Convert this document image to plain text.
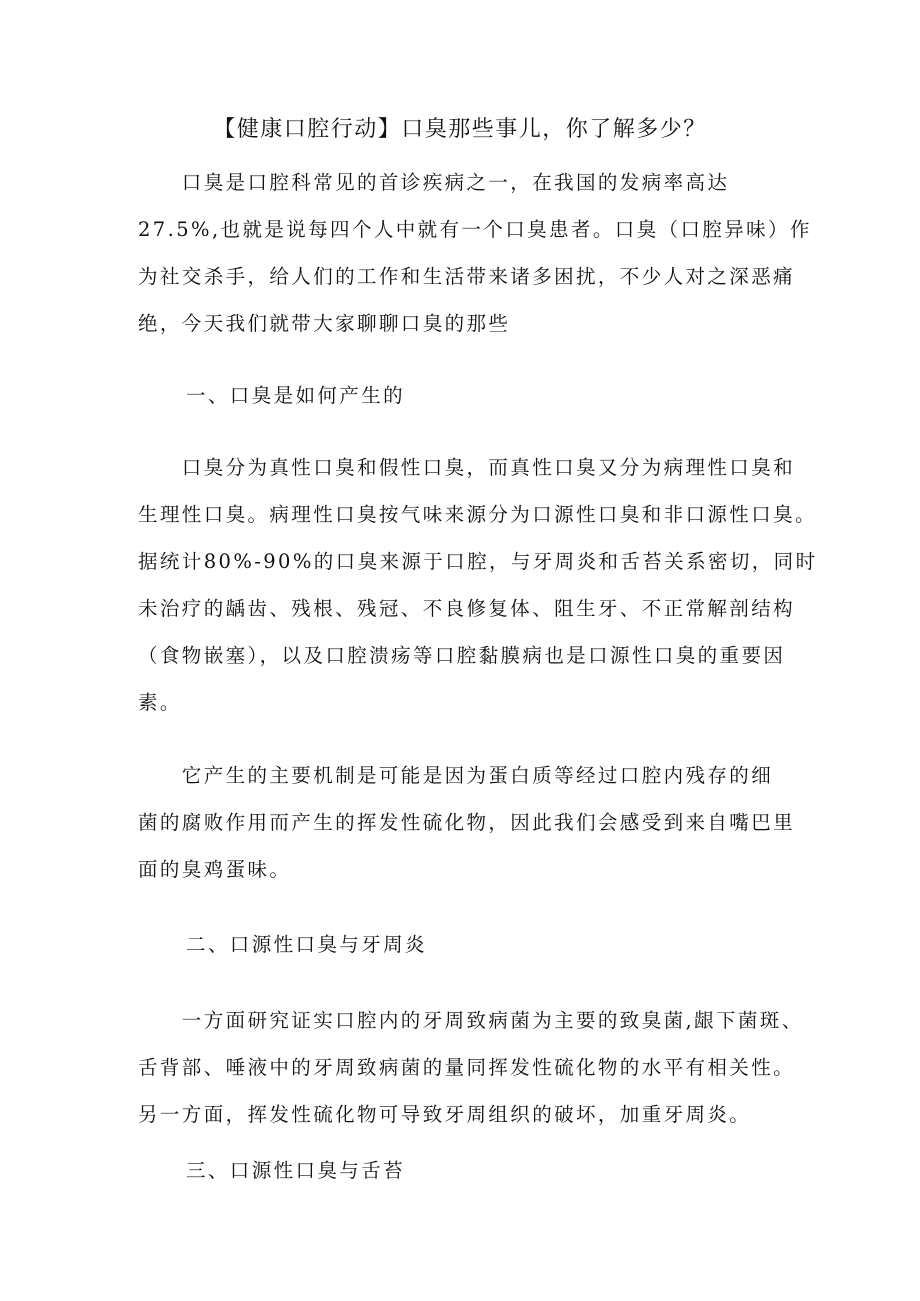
【健康口腔行动】口臭那些事儿，你了解多少？
　　口臭是口腔科常见的首诊疾病之一，在我国的发病率高达
27.5%,也就是说每四个人中就有一个口臭患者。口臭（口腔异味）作
为社交杀手，给人们的工作和生活带来诸多困扰，不少人对之深恶痛
绝，今天我们就带大家聊聊口臭的那些
一、口臭是如何产生的
　　口臭分为真性口臭和假性口臭，而真性口臭又分为病理性口臭和
生理性口臭。病理性口臭按气味来源分为口源性口臭和非口源性口臭。
据统计80%-90%的口臭来源于口腔，与牙周炎和舌苔关系密切，同时
未治疗的龋齿、残根、残冠、不良修复体、阻生牙、不正常解剖结构
（食物嵌塞），以及口腔溃疡等口腔黏膜病也是口源性口臭的重要因
素。
　　它产生的主要机制是可能是因为蛋白质等经过口腔内残存的细
菌的腐败作用而产生的挥发性硫化物，因此我们会感受到来自嘴巴里
面的臭鸡蛋味。
二、口源性口臭与牙周炎
　　一方面研究证实口腔内的牙周致病菌为主要的致臭菌,龈下菌斑、
舌背部、唾液中的牙周致病菌的量同挥发性硫化物的水平有相关性。
另一方面，挥发性硫化物可导致牙周组织的破坏，加重牙周炎。
三、口源性口臭与舌苔
